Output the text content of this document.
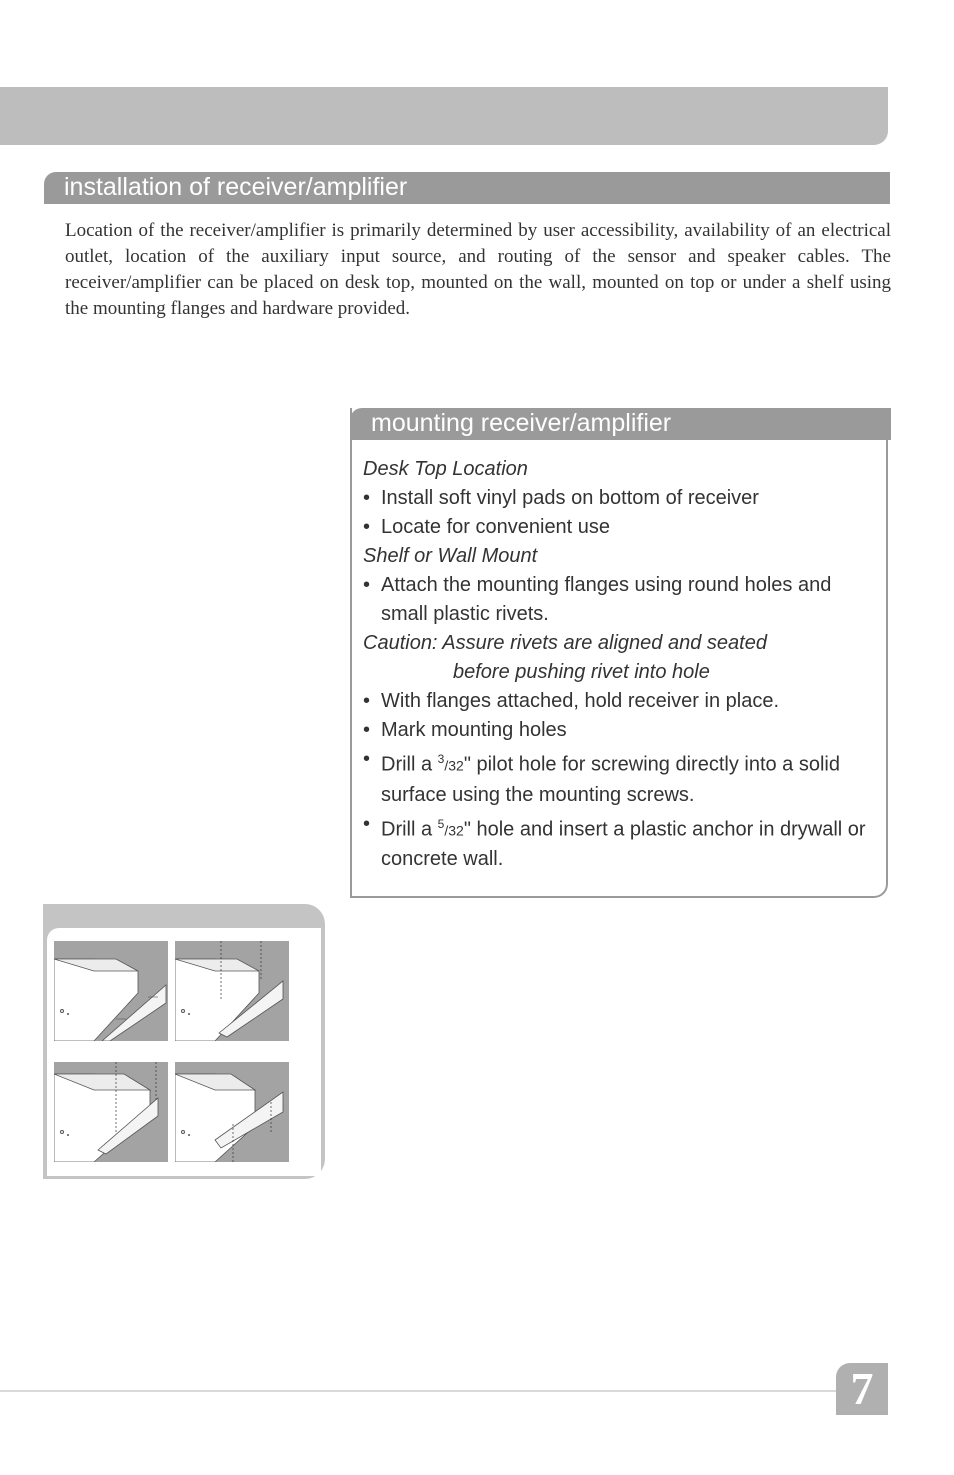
installation of receiver/amplifier
Location of the receiver/amplifier is primarily determined by user accessibility, availability of an electrical outlet, location of the auxiliary input source, and routing of the sensor and speaker cables. The receiver/amplifier can be placed on desk top, mounted on the wall, mounted on top or under a shelf using the mounting flanges and hardware provided.
mounting receiver/amplifier
Desk Top Location
• Install soft vinyl pads on bottom of receiver
• Locate for convenient use
Shelf or Wall Mount
• Attach the mounting flanges using round holes and small plastic rivets.
Caution: Assure rivets are aligned and seated
before pushing rivet into hole
• With flanges attached, hold receiver in place.
• Mark mounting holes
• Drill a $^3$/32" pilot hole for screwing directly into a solid surface using the mounting screws.
• Drill a $^5$/32" hole and insert a plastic anchor in drywall or concrete wall.
7
